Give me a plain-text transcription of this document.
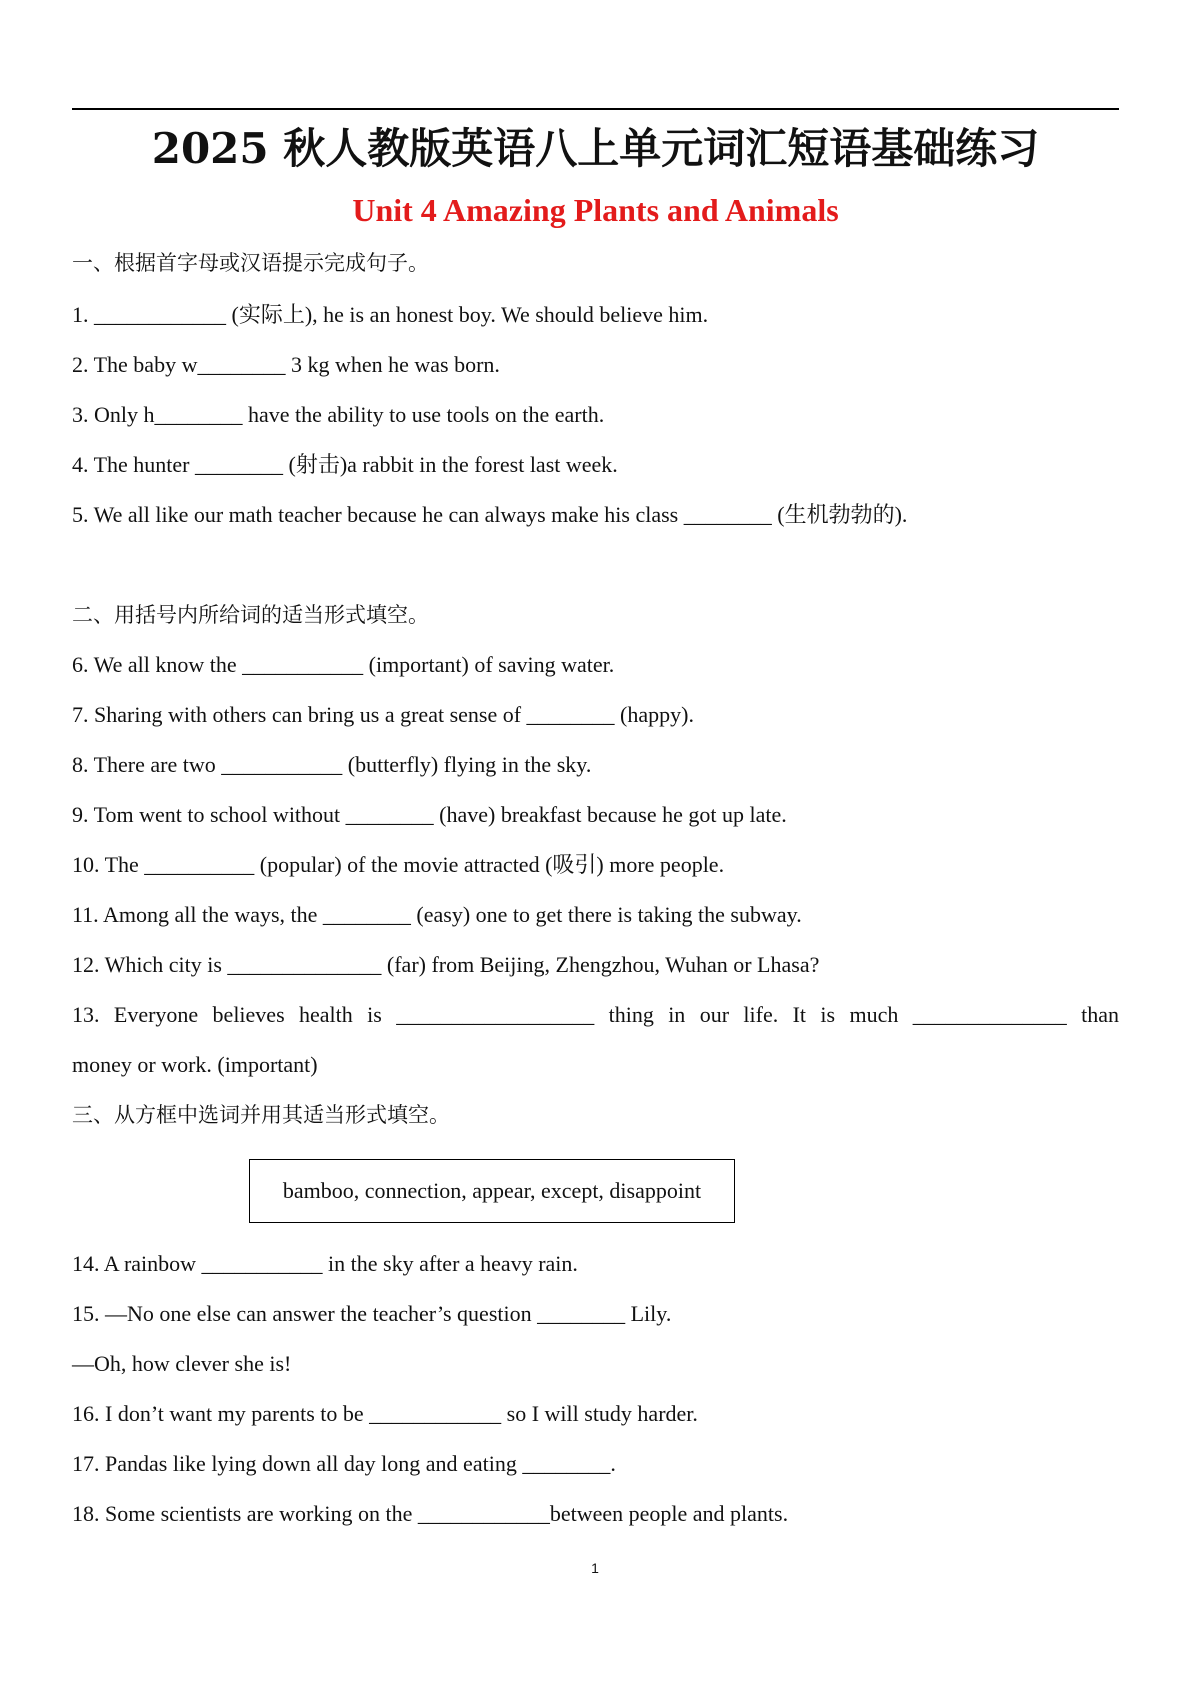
2025 秋人教版英语八上单元词汇短语基础练习
Unit 4 Amazing Plants and Animals
一、根据首字母或汉语提示完成句子。
1. ____________ (实际上), he is an honest boy. We should believe him.
2. The baby w________ 3 kg when he was born.
3. Only h________ have the ability to use tools on the earth.
4. The hunter ________ (射击)a rabbit in the forest last week.
5. We all like our math teacher because he can always make his class ________ (生机勃勃的).
二、用括号内所给词的适当形式填空。
6. We all know the ___________ (important) of saving water.
7. Sharing with others can bring us a great sense of ________ (happy).
8. There are two ___________ (butterfly) flying in the sky.
9. Tom went to school without ________ (have) breakfast because he got up late.
10. The __________ (popular) of the movie attracted (吸引) more people.
11. Among all the ways, the ________ (easy) one to get there is taking the subway.
12. Which city is ______________ (far) from Beijing, Zhengzhou, Wuhan or Lhasa?
13. Everyone believes health is __________________ thing in our life. It is much ______________ than
money or work. (important)
三、从方框中选词并用其适当形式填空。
bamboo, connection, appear, except, disappoint
14. A rainbow ___________ in the sky after a heavy rain.
15. —No one else can answer the teacher’s question ________ Lily.
—Oh, how clever she is!
16. I don’t want my parents to be ____________ so I will study harder.
17. Pandas like lying down all day long and eating ________.
18. Some scientists are working on the ____________between people and plants.
1
